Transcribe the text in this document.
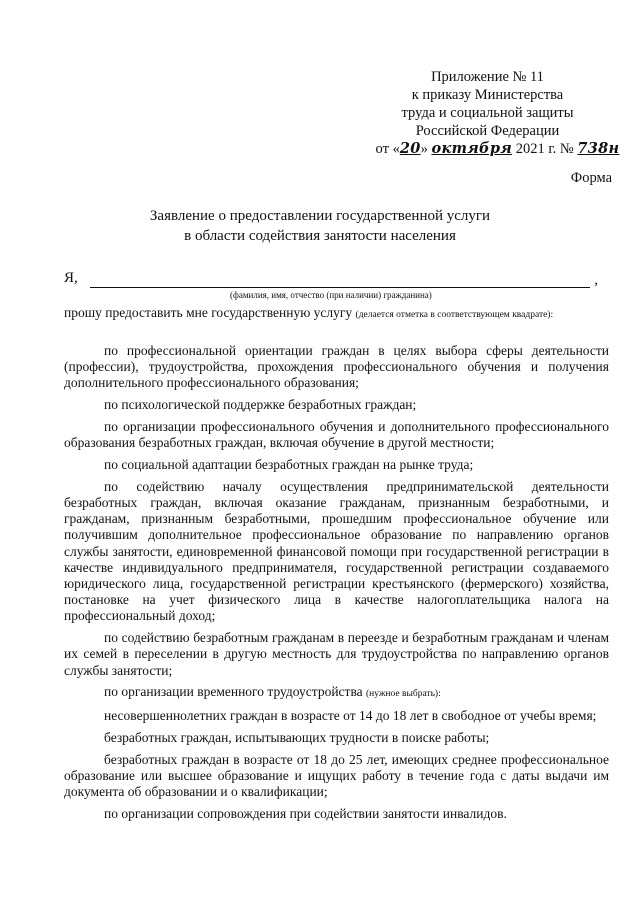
Приложение № 11
к приказу Министерства
труда и социальной защиты
Российской Федерации
от «20» октября 2021 г. № 738н
Форма
Заявление о предоставлении государственной услуги
в области содействия занятости населения
Я,	,
(фамилия, имя, отчество (при наличии) гражданина)
прошу предоставить мне государственную услугу (делается отметка в соответствующем квадрате):

по профессиональной ориентации граждан в целях выбора сферы деятельности (профессии), трудоустройства, прохождения профессионального обучения и получения дополнительного профессионального образования;

по психологической поддержке безработных граждан;

по организации профессионального обучения и дополнительного профессионального образования безработных граждан, включая обучение в другой местности;

по социальной адаптации безработных граждан на рынке труда;

по содействию началу осуществления предпринимательской деятельности безработных граждан, включая оказание гражданам, признанным безработными, и гражданам, признанным безработными, прошедшим профессиональное обучение или получившим дополнительное профессиональное образование по направлению органов службы занятости, единовременной финансовой помощи при государственной регистрации в качестве индивидуального предпринимателя, государственной регистрации создаваемого юридического лица, государственной регистрации крестьянского (фермерского) хозяйства, постановке на учет физического лица в качестве налогоплательщика налога на профессиональный доход;

по содействию безработным гражданам в переезде и безработным гражданам и членам их семей в переселении в другую местность для трудоустройства по направлению органов службы занятости;

по организации временного трудоустройства (нужное выбрать):

несовершеннолетних граждан в возрасте от 14 до 18 лет в свободное от учебы время;

безработных граждан, испытывающих трудности в поиске работы;

безработных граждан в возрасте от 18 до 25 лет, имеющих среднее профессиональное образование или высшее образование и ищущих работу в течение года с даты выдачи им документа об образовании и о квалификации;

по организации сопровождения при содействии занятости инвалидов.
